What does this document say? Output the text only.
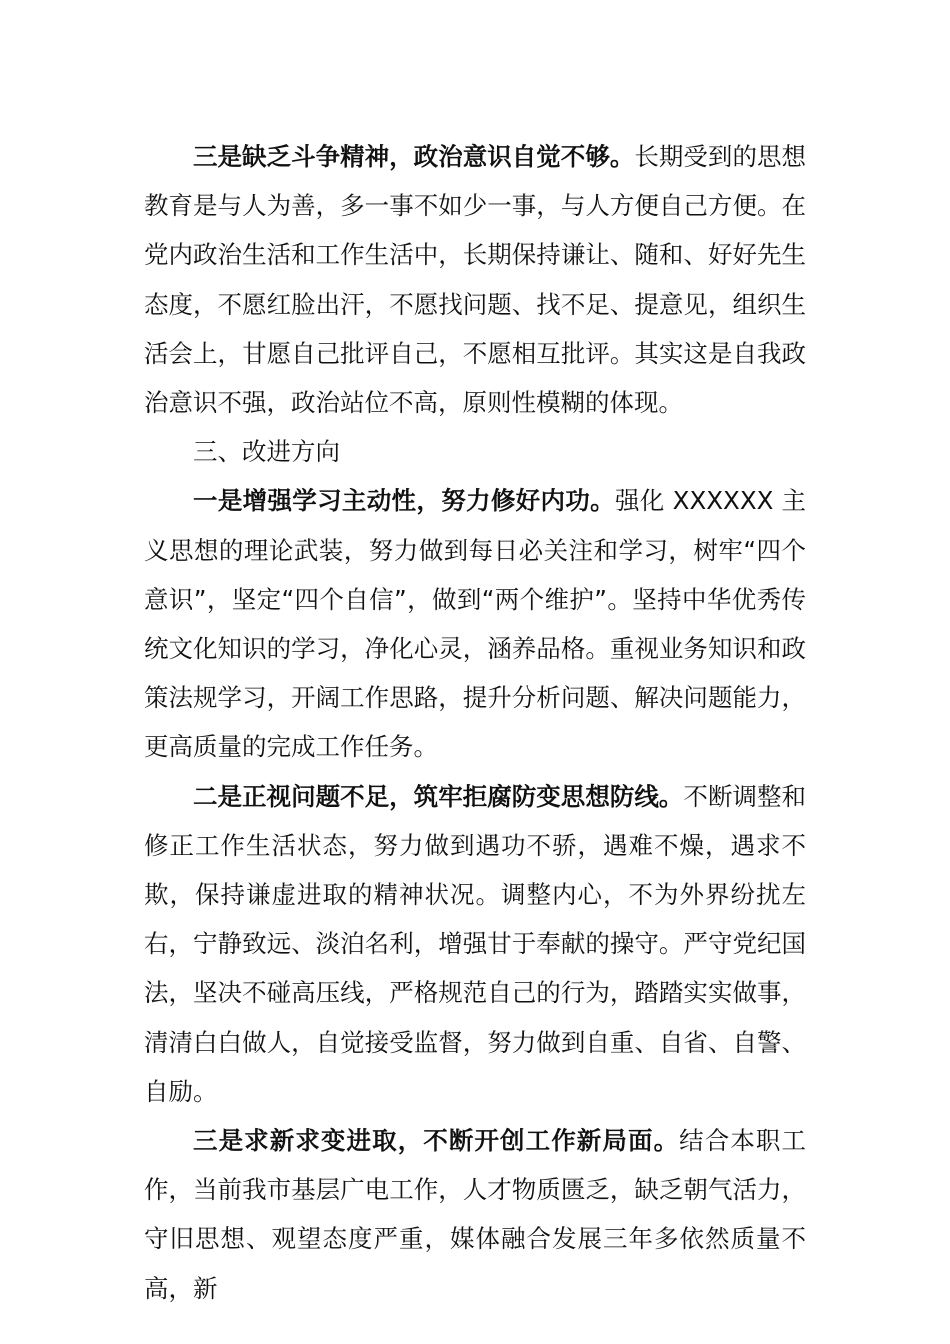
三是缺乏斗争精神，政治意识自觉不够。长期受到的思想教育是与人为善，多一事不如少一事，与人方便自己方便。在党内政治生活和工作生活中，长期保持谦让、随和、好好先生态度，不愿红脸出汗，不愿找问题、找不足、提意见，组织生活会上，甘愿自己批评自己，不愿相互批评。其实这是自我政治意识不强，政治站位不高，原则性模糊的体现。

三、改进方向

一是增强学习主动性，努力修好内功。强化 XXXXXX 主义思想的理论武装，努力做到每日必关注和学习，树牢“四个意识”，坚定“四个自信”，做到“两个维护”。坚持中华优秀传统文化知识的学习，净化心灵，涵养品格。重视业务知识和政策法规学习，开阔工作思路，提升分析问题、解决问题能力，更高质量的完成工作任务。

二是正视问题不足，筑牢拒腐防变思想防线。不断调整和修正工作生活状态，努力做到遇功不骄，遇难不燥，遇求不欺，保持谦虚进取的精神状况。调整内心，不为外界纷扰左右，宁静致远、淡泊名利，增强甘于奉献的操守。严守党纪国法，坚决不碰高压线，严格规范自己的行为，踏踏实实做事，清清白白做人，自觉接受监督，努力做到自重、自省、自警、自励。

三是求新求变进取，不断开创工作新局面。结合本职工作，当前我市基层广电工作，人才物质匮乏，缺乏朝气活力，守旧思想、观望态度严重，媒体融合发展三年多依然质量不高，新
